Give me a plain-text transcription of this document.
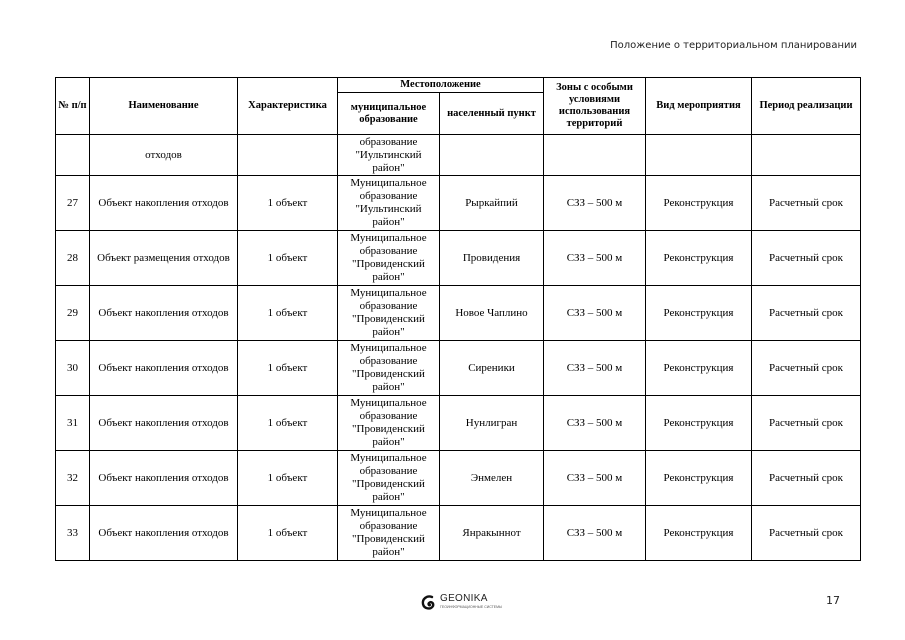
Положение о территориальном планировании
№ п/п	Наименование	Характеристика	Местоположение		Зоны с особыми условиями использования территорий	Вид мероприятия	Период реализации
			муниципальное образование	населенный пункт			
	отходов		образование "Иультинский район"				
27	Объект накопления отходов	1 объект	Муниципальное образование "Иультинский район"	Рыркайпий	СЗЗ – 500 м	Реконструкция	Расчетный срок
28	Объект размещения отходов	1 объект	Муниципальное образование "Провиденский район"	Провидения	СЗЗ – 500 м	Реконструкция	Расчетный срок
29	Объект накопления отходов	1 объект	Муниципальное образование "Провиденский район"	Новое Чаплино	СЗЗ – 500 м	Реконструкция	Расчетный срок
30	Объект накопления отходов	1 объект	Муниципальное образование "Провиденский район"	Сиреники	СЗЗ – 500 м	Реконструкция	Расчетный срок
31	Объект накопления отходов	1 объект	Муниципальное образование "Провиденский район"	Нунлигран	СЗЗ – 500 м	Реконструкция	Расчетный срок
32	Объект накопления отходов	1 объект	Муниципальное образование "Провиденский район"	Энмелен	СЗЗ – 500 м	Реконструкция	Расчетный срок
33	Объект накопления отходов	1 объект	Муниципальное образование "Провиденский район"	Янракыннот	СЗЗ – 500 м	Реконструкция	Расчетный срок
GEONIKA
ГЕОИНФОРМАЦИОННЫЕ СИСТЕМЫ	17
